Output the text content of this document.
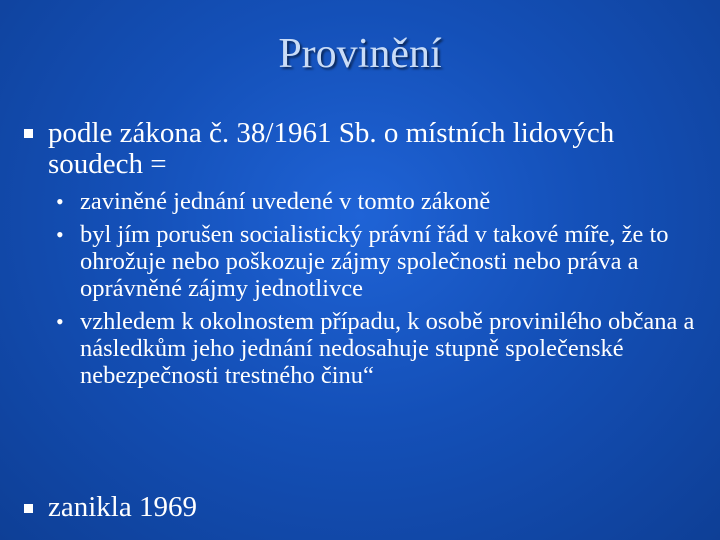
Provinění
podle zákona č. 38/1961 Sb. o místních lidových soudech =
• zaviněné jednání uvedené v tomto zákoně
• byl jím porušen socialistický právní řád v takové míře, že to ohrožuje nebo poškozuje zájmy společnosti nebo práva a oprávněné zájmy jednotlivce
• vzhledem k okolnostem případu, k osobě provinilého občana a následkům jeho jednání nedosahuje stupně společenské nebezpečnosti trestného činu“
zanikla 1969
